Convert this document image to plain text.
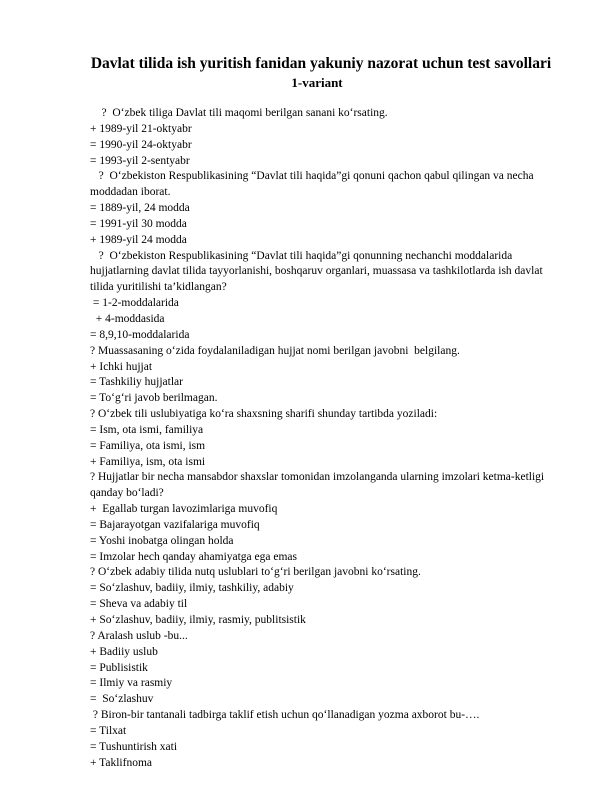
Davlat tilida ish yuritish fanidan yakuniy nazorat uchun test savollari
1-variant

?  O‘zbek tiliga Davlat tili maqomi berilgan sanani ko‘rsating.

+ 1989-yil 21-oktyabr

= 1990-yil 24-oktyabr

= 1993-yil 2-sentyabr

?  O‘zbekiston Respublikasining “Davlat tili haqida”gi qonuni qachon qabul qilingan va necha

moddadan iborat.

= 1889-yil, 24 modda

= 1991-yil 30 modda

+ 1989-yil 24 modda

?  O‘zbekiston Respublikasining “Davlat tili haqida”gi qonunning nechanchi moddalarida

hujjatlarning davlat tilida tayyorlanishi, boshqaruv organlari, muassasa va tashkilotlarda ish davlat

tilida yuritilishi ta’kidlangan?

= 1-2-moddalarida

+ 4-moddasida

= 8,9,10-moddalarida

? Muassasaning o‘zida foydalaniladigan hujjat nomi berilgan javobni  belgilang.

+ Ichki hujjat

= Tashkiliy hujjatlar

= To‘g‘ri javob berilmagan.

? O‘zbek tili uslubiyatiga ko‘ra shaxsning sharifi shunday tartibda yoziladi:

= Ism, ota ismi, familiya

= Familiya, ota ismi, ism

+ Familiya, ism, ota ismi

? Hujjatlar bir necha mansabdor shaxslar tomonidan imzolanganda ularning imzolari ketma-ketligi

qanday bo‘ladi?

+  Egallab turgan lavozimlariga muvofiq

= Bajarayotgan vazifalariga muvofiq

= Yoshi inobatga olingan holda

= Imzolar hech qanday ahamiyatga ega emas

? O‘zbek adabiy tilida nutq uslublari to‘g‘ri berilgan javobni ko‘rsating.

= So‘zlashuv, badiiy, ilmiy, tashkiliy, adabiy

= Sheva va adabiy til

+ So‘zlashuv, badiiy, ilmiy, rasmiy, publitsistik

? Aralash uslub -bu...

+ Badiiy uslub

= Publisistik

= Ilmiy va rasmiy

=  So‘zlashuv

? Biron-bir tantanali tadbirga taklif etish uchun qo‘llanadigan yozma axborot bu-….

= Tilxat

= Tushuntirish xati

+ Taklifnoma
